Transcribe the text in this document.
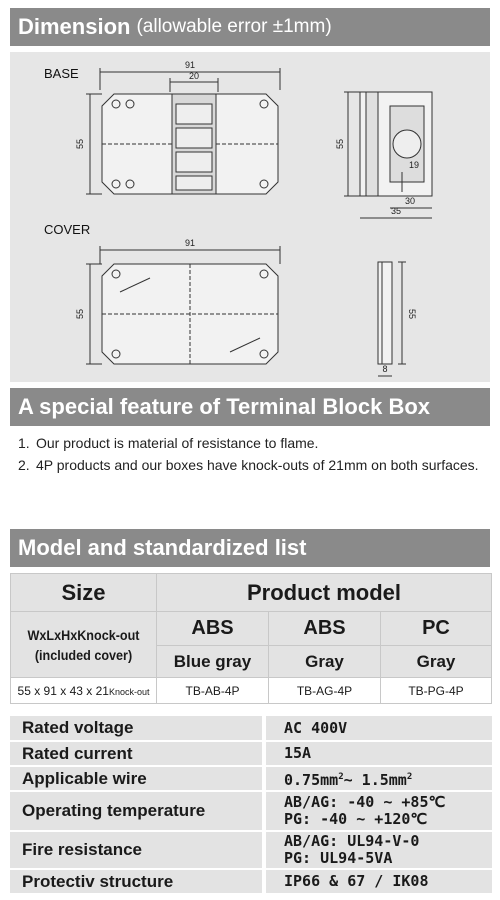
Dimension (allowable error ±1mm)
BASE
COVER
91
20
55	55
19
30
35
91
55	55
8
A special feature of Terminal Block Box
1. Our product is material of resistance to flame.
2. 4P products and our boxes have knock-outs of 21mm on both surfaces.
Model and standardized list
Size	Product model		

WxLxHxKnock-out
(included cover)	ABS	ABS	PC
	Blue gray	Gray	Gray
55 x 91 x 43 x 21Knock-out	TB-AB-4P	TB-AG-4P	TB-PG-4P
Rated voltage	AC 400V
Rated current	15A
Applicable wire	$0.75mm^2\sim$ $1.5mm^2$
Operating temperature	AB/AG: -40 ~ +85℃
PG: -40 ~ +120℃

Fire resistance	AB/AG: UL94-V-0
PG: UL94-5VA

Protectiv structure	IP66 & 67 / IK08
